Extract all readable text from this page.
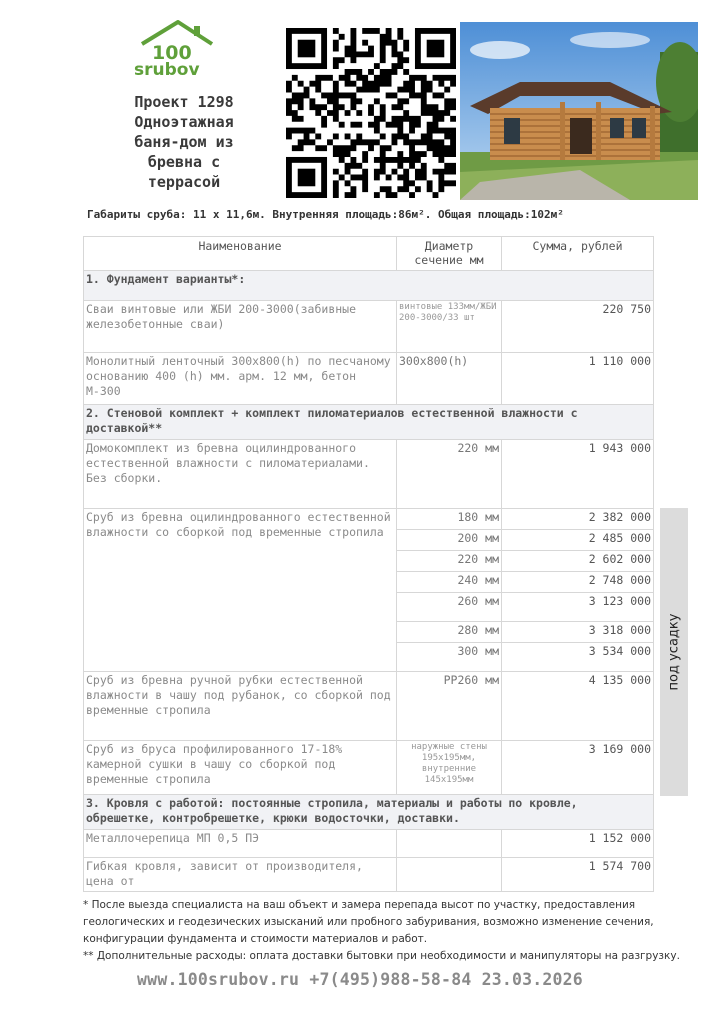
100
srubov
Проект 1298
Одноэтажная
баня-дом из
бревна с
террасой
Габариты сруба: 11 x 11,6м. Внутренняя площадь:86м². Общая площадь:102м²
Наименование	Диаметр сечение мм	Сумма, рублей
1. Фундамент варианты*:		
Сваи винтовые или ЖБИ 200-3000(забивные железобетонные сваи)	винтовые 133мм/ЖБИ 200-3000/33 шт	220 750
Монолитный ленточный 300x800(h) по песчаному основанию 400 (h) мм. арм. 12 мм, бетон М-300	300x800(h)	1 110 000
2. Стеновой комплект + комплект пиломатериалов естественной влажности с доставкой**		
Домокомплект из бревна оцилиндрованного естественной влажности с пиломатериалами. Без сборки.	220 мм	1 943 000
Сруб из бревна оцилиндрованного естественной влажности со сборкой под временные стропила	180 мм	2 382 000
	200 мм	2 485 000
	220 мм	2 602 000
	240 мм	2 748 000
	260 мм	3 123 000
	280 мм	3 318 000
	300 мм	3 534 000
Сруб из бревна ручной рубки естественной влажности в чашу под рубанок, со сборкой под временные стропила	РР260 мм	4 135 000
Сруб из бруса профилированного 17-18% камерной сушки в чашу со сборкой под временные стропила	наружные стены 195x195мм, внутренние 145x195мм	3 169 000
3. Кровля с работой: постоянные стропила, материалы и работы по кровле, обрешетке, контробрешетке, крюки водосточки, доставки.		
Металлочерепица МП 0,5 ПЭ		1 152 000
Гибкая кровля, зависит от производителя, цена от		1 574 700
под усадку
* После выезда специалиста на ваш объект и замера перепада высот по участку, предоставления геологических и геодезических изысканий или пробного забуривания, возможно изменение сечения, конфигурации фундамента и стоимости материалов и работ.
** Дополнительные расходы: оплата доставки бытовки при необходимости и манипуляторы на разгрузку.
www.100srubov.ru +7(495)988-58-84 23.03.2026
